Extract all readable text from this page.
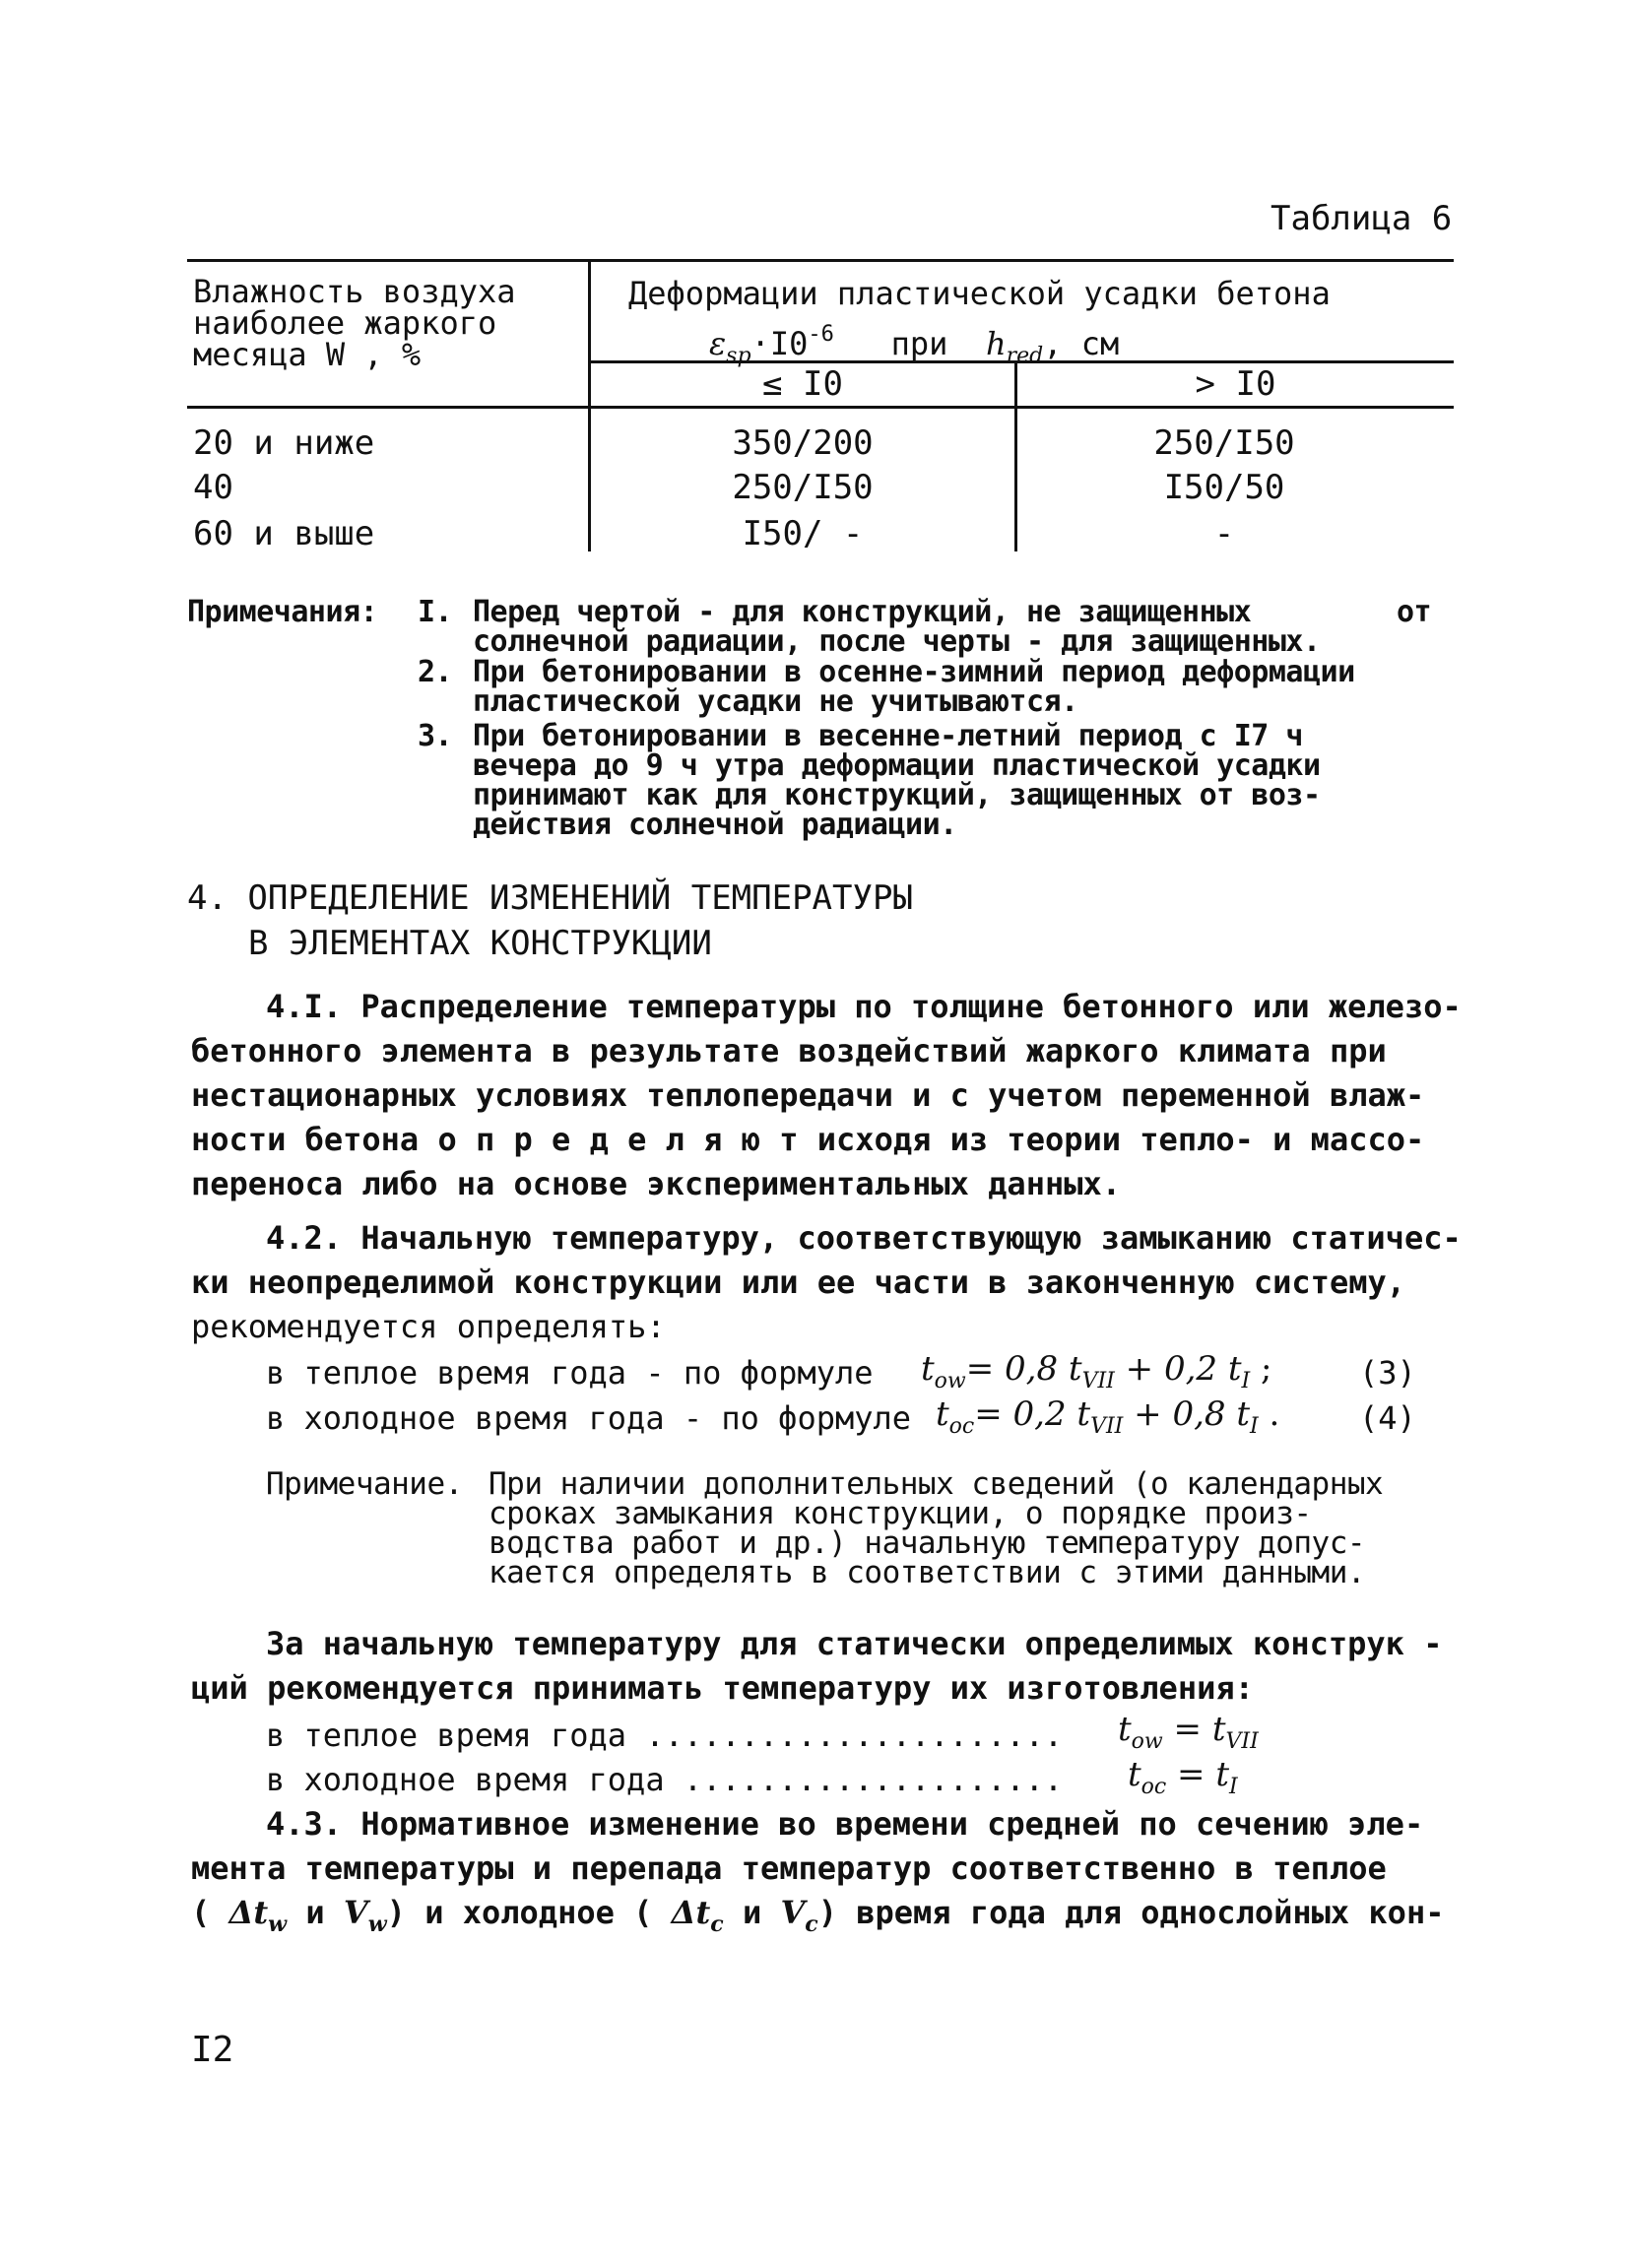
Таблица 6
Влажность воздуха
наиболее жаркого
месяца W , %
Деформации пластической усадки бетона
$\varepsilon_{sp}\cdot I0^{-6}$ при $h_{red}$, см
≤ I0	> I0
20 и ниже	350/200	250/I50
40	250/I50	I50/50
60 и выше	I50/ -	-
Примечания: I. Перед чертой - для конструкций, не защищенных	от
солнечной радиации, после черты - для защищенных.
2. При бетонировании в осенне-зимний период деформации
пластической усадки не учитываются.
3. При бетонировании в весенне-летний период с I7 ч
вечера до 9 ч утра деформации пластической усадки
принимают как для конструкций, защищенных от воз-
действия солнечной радиации.
4. ОПРЕДЕЛЕНИЕ ИЗМЕНЕНИЙ ТЕМПЕРАТУРЫ
В ЭЛЕМЕНТАХ КОНСТРУКЦИИ
4.I. Распределение температуры по толщине бетонного или железо-
бетонного элемента в результате воздействий жаркого климата при
нестационарных условиях теплопередачи и с учетом переменной влаж-
ности бетона о п р е д е л я ю т исходя из теории тепло- и массо-
переноса либо на основе экспериментальных данных.
4.2. Начальную температуру, соответствующую замыканию статичес-
ки неопределимой конструкции или ее части в законченную систему,
рекомендуется определять:
в теплое время года - по формуле $t_{ow}= 0,8$ $t_{VII} + 0,2$ $t_I$ ;	(3)
в холодное время года - по формуле $t_{oc}= 0,2$ $t_{VII} + 0,8$ $t_I$ .	(4)
Примечание. При наличии дополнительных сведений (о календарных
сроках замыкания конструкции, о порядке произ-
водства работ и др.) начальную температуру допус-
кается определять в соответствии с этими данными.
За начальную температуру для статически определимых конструк -
ций рекомендуется принимать температуру их изготовления:
в теплое время года ...................... $t_{ow} = t_{VII}$
в холодное время года .................... $t_{oc} = t_I$
4.3. Нормативное изменение во времени средней по сечению эле-
мента температуры и перепада температур соответственно в теплое
( $\Delta t_w$ и $V_w$) и холодное ( $\Delta t_c$ и $V_c$) время года для однослойных кон-
I2
